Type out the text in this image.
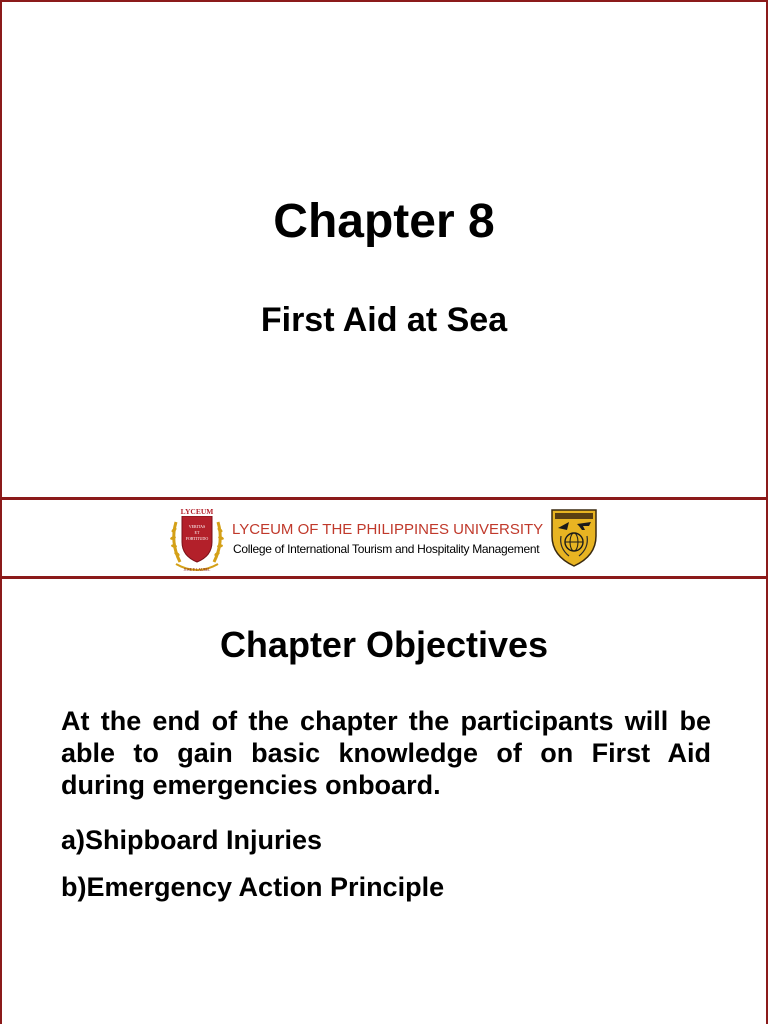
Chapter 8
First Aid at Sea
LYCEUM
VERITAS
ET
FORTITUDO
JOSE P. LAUREL
LYCEUM OF THE PHILIPPINES UNIVERSITY
College of International Tourism and Hospitality Management
Chapter Objectives
At the end of the chapter the participants will be able to gain basic knowledge of on First Aid during emergencies onboard.
a)Shipboard Injuries
b)Emergency Action Principle
